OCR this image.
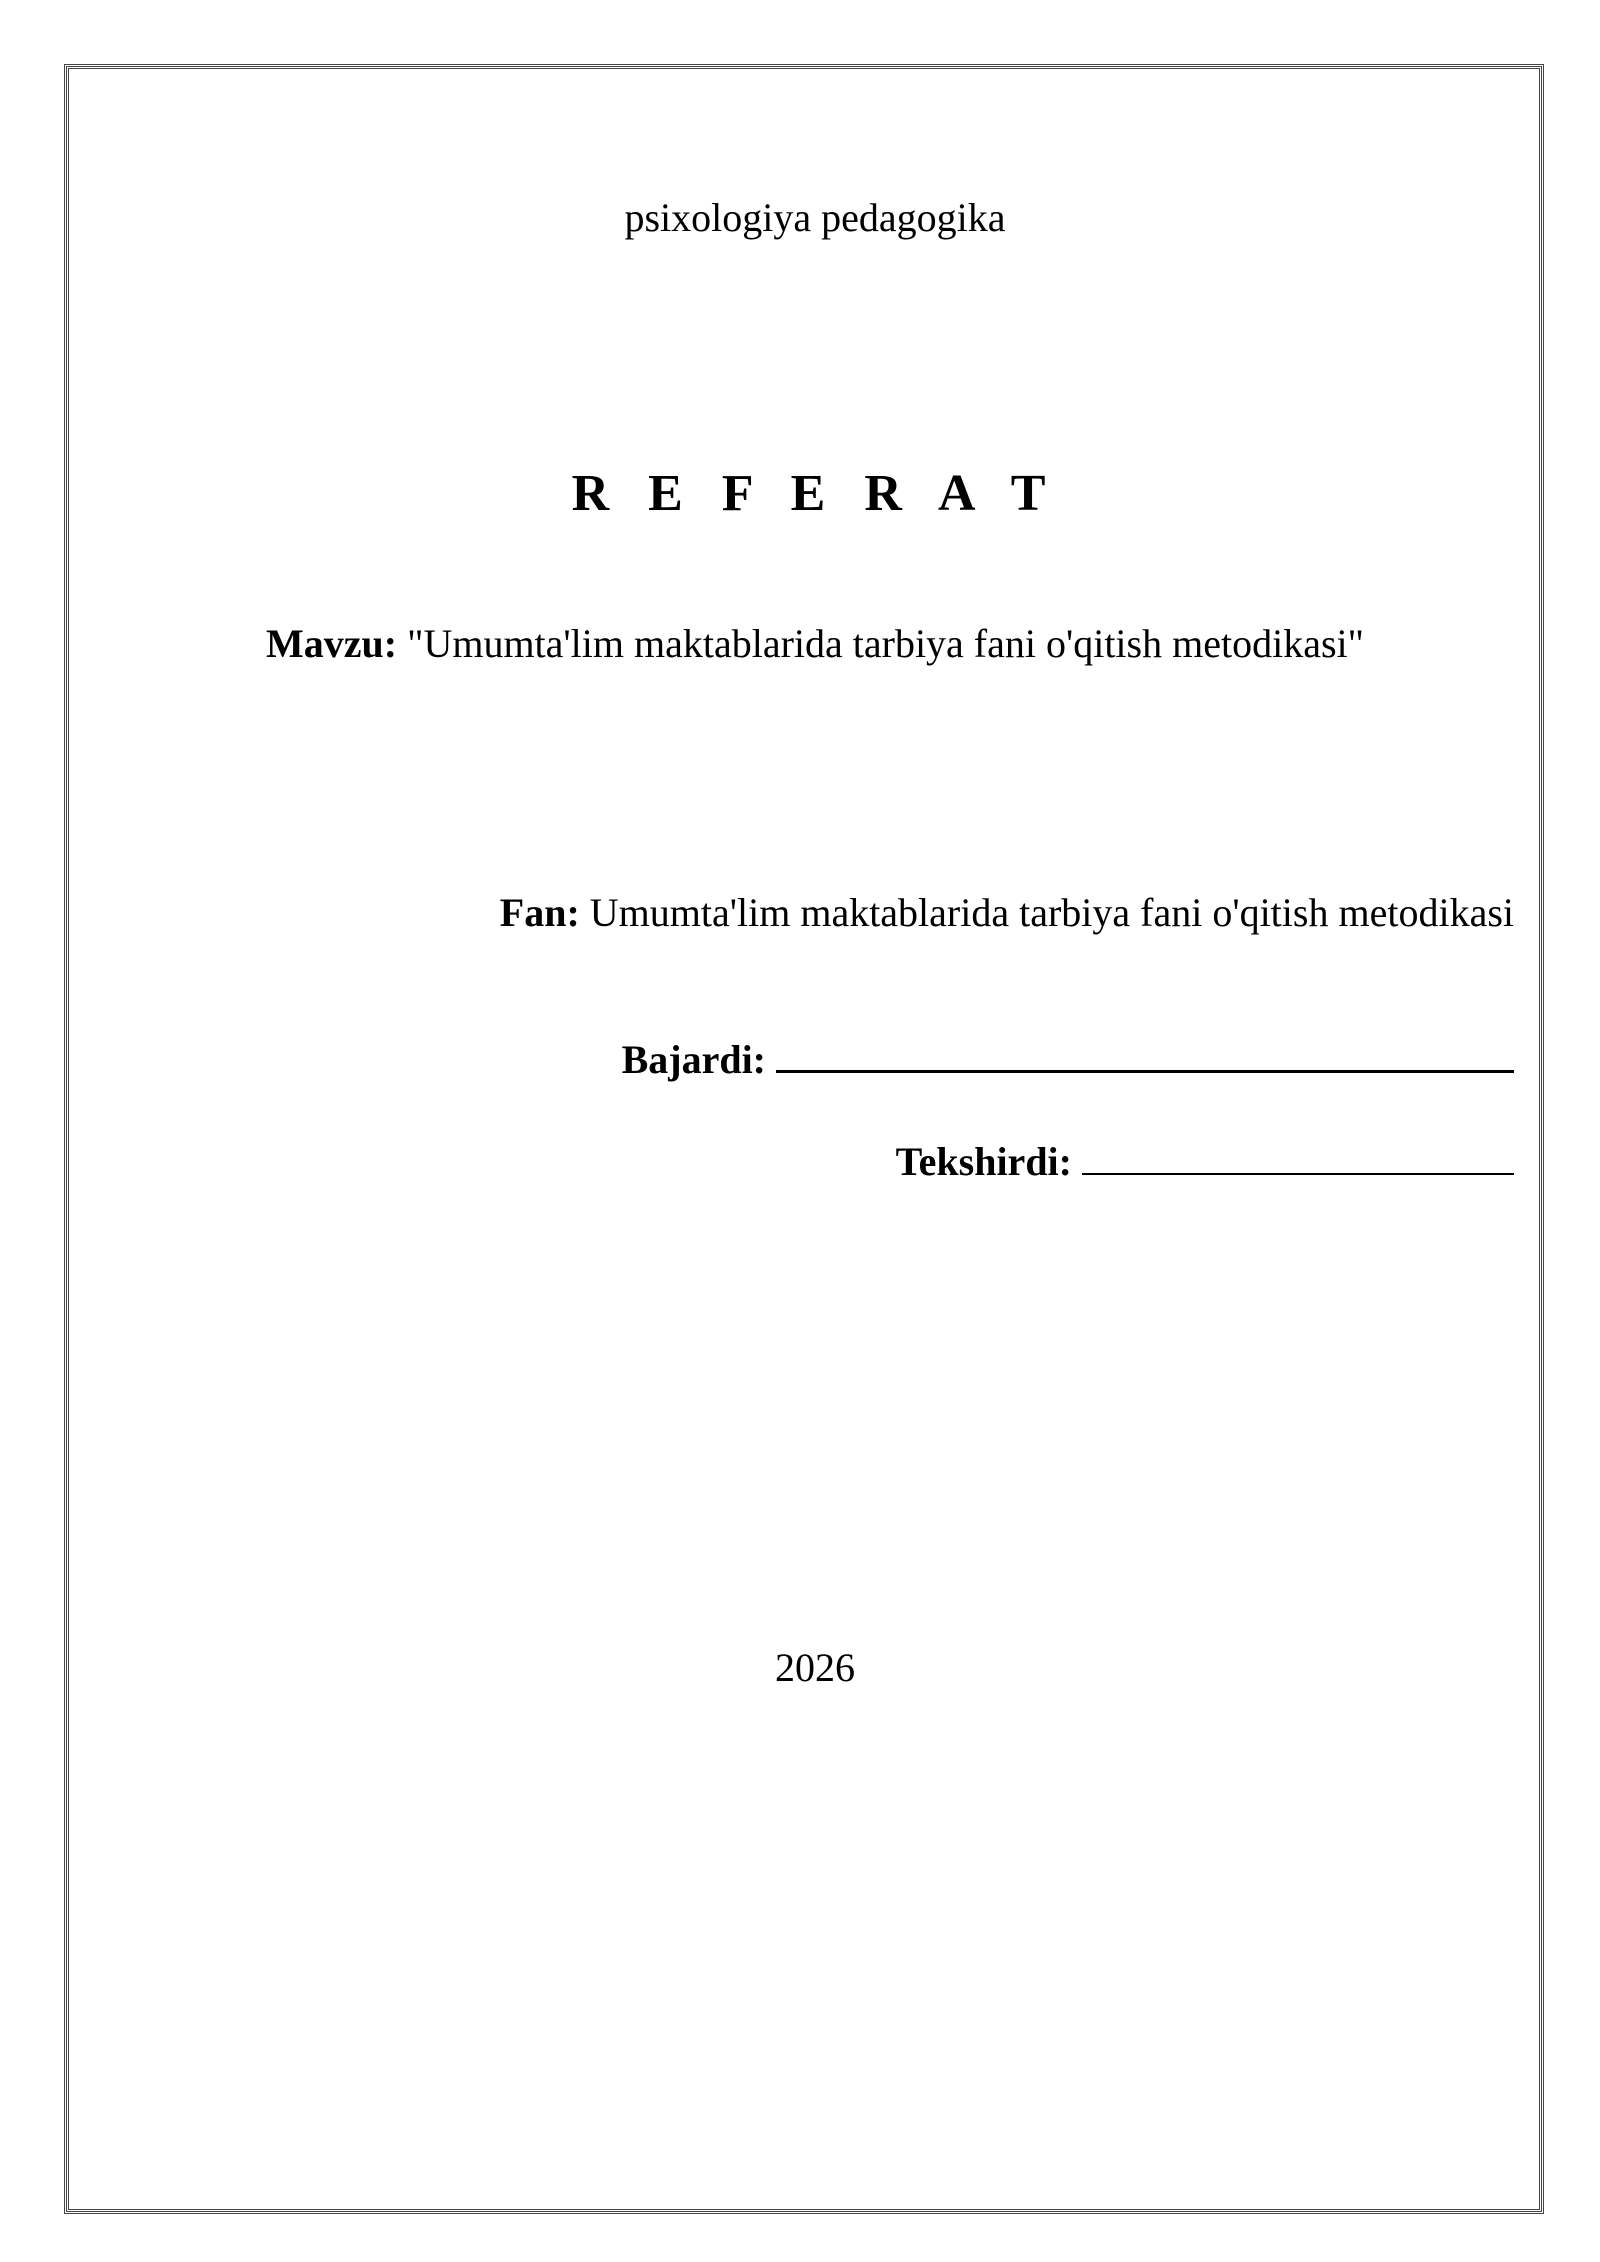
psixologiya pedagogika
R E F E R A T
Mavzu: "Umumta'lim maktablarida tarbiya fani o'qitish metodikasi"
Fan: Umumta'lim maktablarida tarbiya fani o'qitish metodikasi
Bajardi:
Tekshirdi:
2026
